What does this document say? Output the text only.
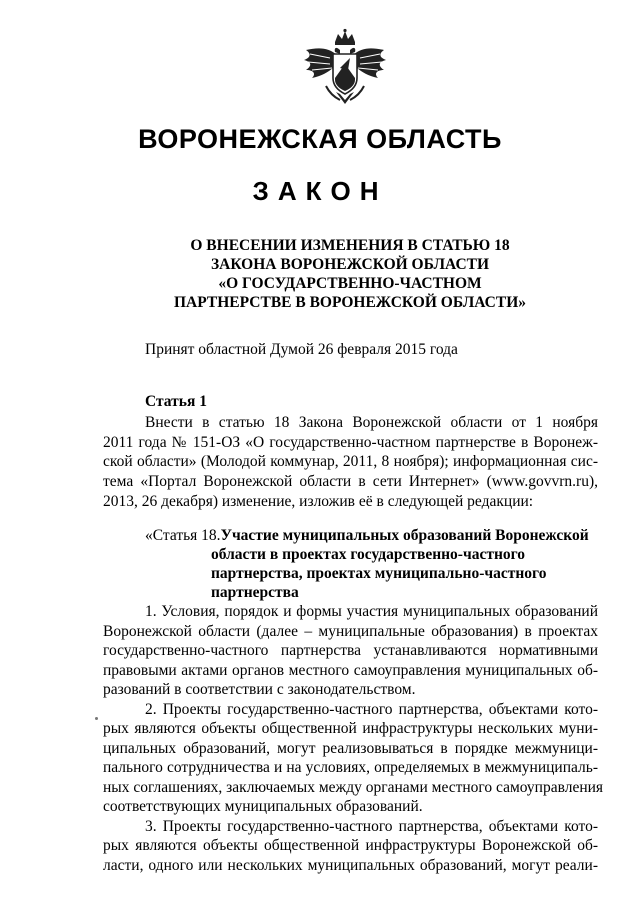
ВОРОНЕЖСКАЯ ОБЛАСТЬ
ЗАКОН
О ВНЕСЕНИИ ИЗМЕНЕНИЯ В СТАТЬЮ 18
ЗАКОНА ВОРОНЕЖСКОЙ ОБЛАСТИ
«О ГОСУДАРСТВЕННО-ЧАСТНОМ
ПАРТНЕРСТВЕ В ВОРОНЕЖСКОЙ ОБЛАСТИ»
Принят областной Думой 26 февраля 2015 года
Статья 1
Внести в статью 18 Закона Воронежской области от 1 ноября
2011 года № 151-ОЗ «О государственно-частном партнерстве в Воронеж-
ской области» (Молодой коммунар, 2011, 8 ноября); информационная сис-
тема «Портал Воронежской области в сети Интернет» (www.govvrn.ru),
2013, 26 декабря) изменение, изложив её в следующей редакции:
«Статья 18. Участие муниципальных образований Воронежской
области в проектах государственно-частного
партнерства, проектах муниципально-частного
партнерства
1. Условия, порядок и формы участия муниципальных образований
Воронежской области (далее – муниципальные образования) в проектах
государственно-частного партнерства устанавливаются нормативными
правовыми актами органов местного самоуправления муниципальных об-
разований в соответствии с законодательством.
2. Проекты государственно-частного партнерства, объектами кото-
рых являются объекты общественной инфраструктуры нескольких муни-
ципальных образований, могут реализовываться в порядке межмуници-
пального сотрудничества и на условиях, определяемых в межмуниципаль-
ных соглашениях, заключаемых между органами местного самоуправления
соответствующих муниципальных образований.
3. Проекты государственно-частного партнерства, объектами кото-
рых являются объекты общественной инфраструктуры Воронежской об-
ласти, одного или нескольких муниципальных образований, могут реали-
